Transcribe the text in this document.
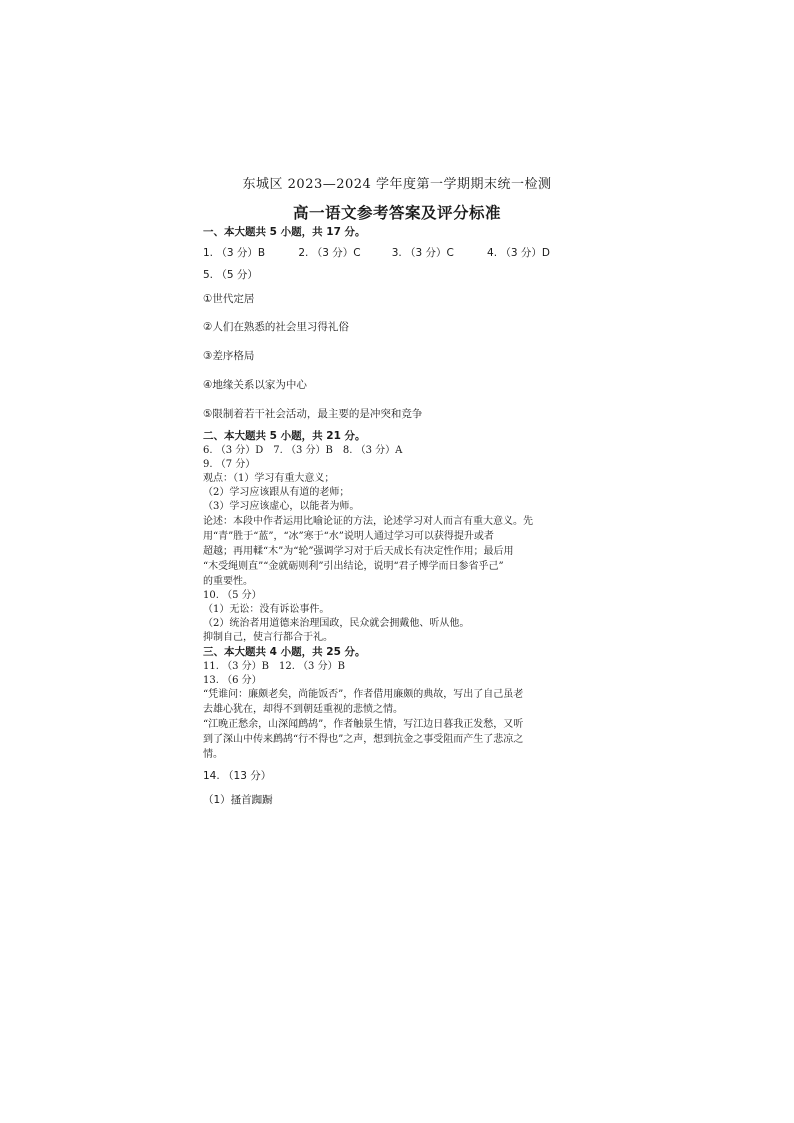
东城区 2023—2024 学年度第一学期期末统一检测
高一语文参考答案及评分标准
一、本大题共 5 小题，共 17 分。
1. （3 分）B	2. （3 分）C	3. （3 分）C	4. （3 分）D
5. （5 分）
①世代定居
②人们在熟悉的社会里习得礼俗
③差序格局
④地缘关系以家为中心
⑤限制着若干社会活动，最主要的是冲突和竞争
二、本大题共 5 小题，共 21 分。
6. （3 分）D　7. （3 分）B　8. （3 分）A
9. （7 分）
观点：（1）学习有重大意义；
（2）学习应该跟从有道的老师；
（3）学习应该虚心，以能者为师。
论述：本段中作者运用比喻论证的方法，论述学习对人而言有重大意义。先
用“青”胜于“蓝”，“冰”寒于“水”说明人通过学习可以获得提升或者
超越；再用輮“木”为“轮”强调学习对于后天成长有决定性作用；最后用
“木受绳则直”“金就砺则利”引出结论，说明“君子博学而日参省乎己”
的重要性。
10. （5 分）
（1）无讼：没有诉讼事件。
（2）统治者用道德来治理国政，民众就会拥戴他、听从他。
抑制自己，使言行都合于礼。
三、本大题共 4 小题，共 25 分。
11. （3 分）B　12. （3 分）B
13. （6 分）
“凭谁问：廉颇老矣，尚能饭否”，作者借用廉颇的典故，写出了自己虽老
去雄心犹在，却得不到朝廷重视的悲愤之情。
“江晚正愁余，山深闻鹧鸪”，作者触景生情，写江边日暮我正发愁，又听
到了深山中传来鹧鸪“行不得也”之声，想到抗金之事受阻而产生了悲凉之
情。
14. （13 分）
（1）搔首踟蹰
